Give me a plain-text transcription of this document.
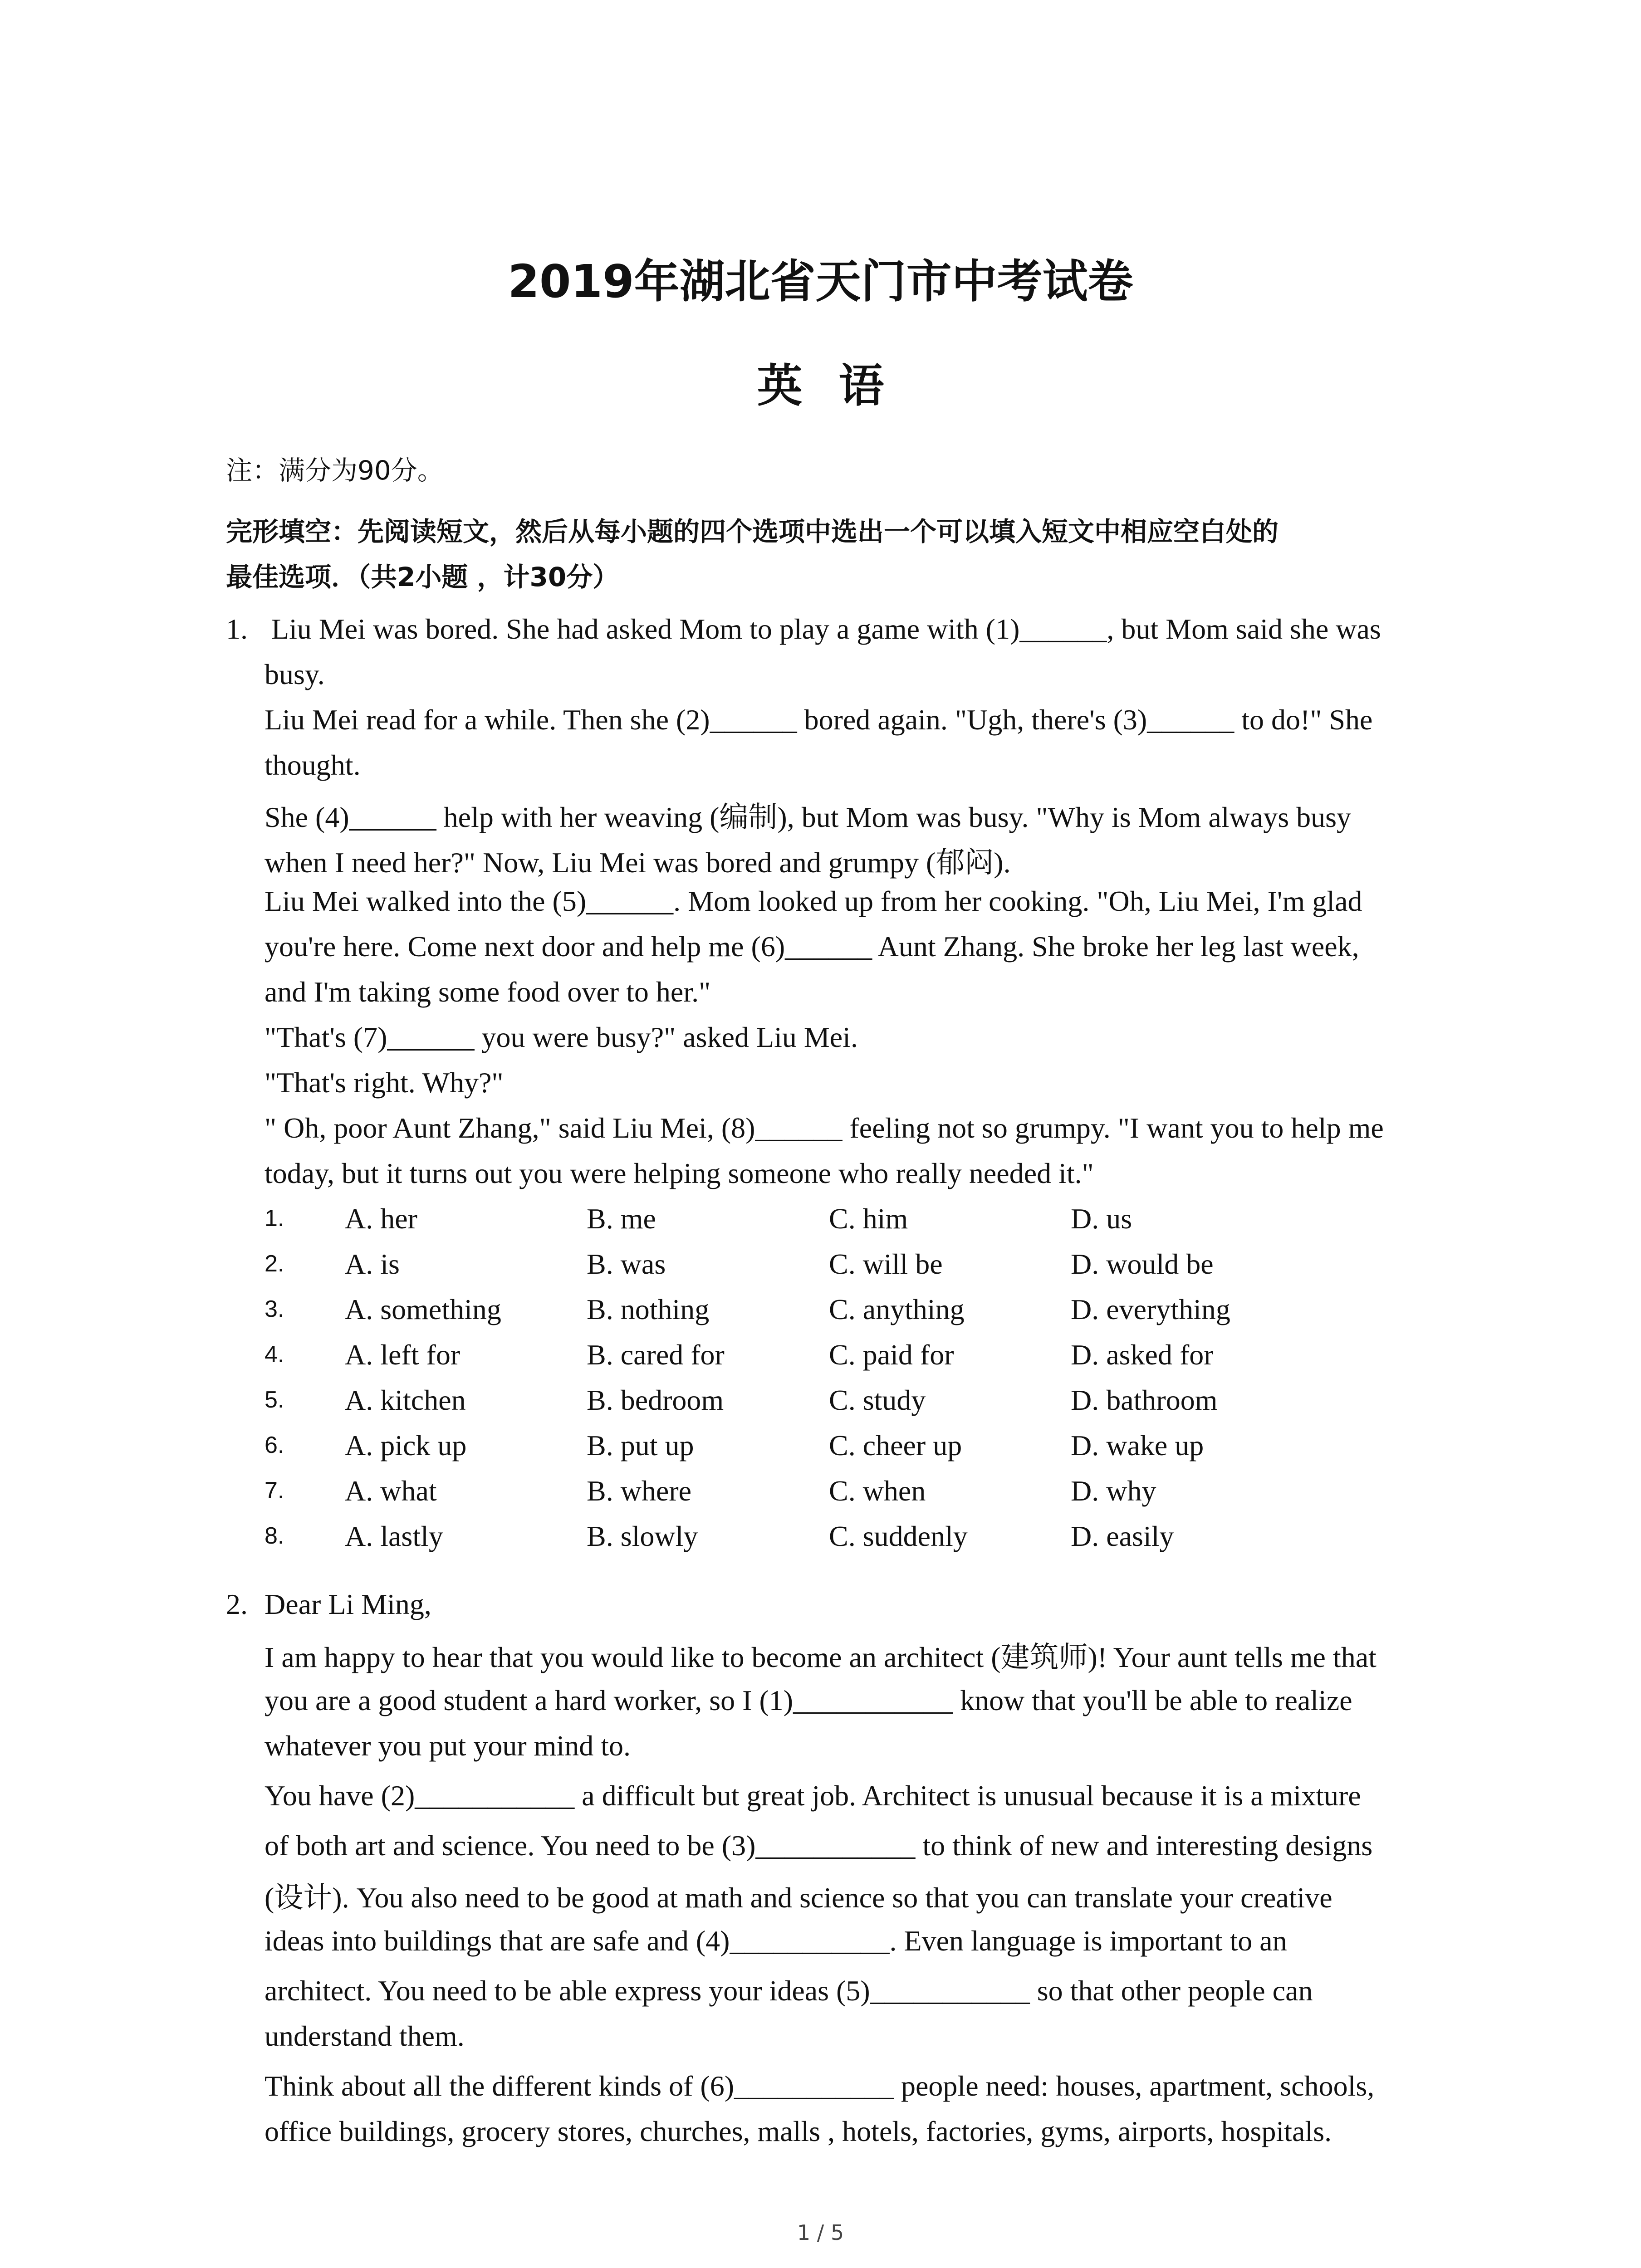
2019年湖北省天门市中考试卷
英语
注：满分为90分。
完形填空：先阅读短文，然后从每小题的四个选项中选出一个可以填入短文中相应空白处的
最佳选项．（共2小题 ，计30分）
1. Liu Mei was bored. She had asked Mom to play a game with (1)______, but Mom said she was
busy.
Liu Mei read for a while. Then she (2)______ bored again. "Ugh, there's (3)______ to do!" She
thought.
She (4)______ help with her weaving (编制), but Mom was busy. "Why is Mom always busy
when I need her?" Now, Liu Mei was bored and grumpy (郁闷).
Liu Mei walked into the (5)______. Mom looked up from her cooking. "Oh, Liu Mei, I'm glad
you're here. Come next door and help me (6)______ Aunt Zhang. She broke her leg last week,
and I'm taking some food over to her."
"That's (7)______ you were busy?" asked Liu Mei.
"That's right. Why?"
" Oh, poor Aunt Zhang," said Liu Mei, (8)______ feeling not so grumpy. "I want you to help me
today, but it turns out you were helping someone who really needed it."
1. A. her	B. me	C. him	D. us
2. A. is	B. was	C. will be	D. would be
3. A. something	B. nothing	C. anything	D. everything
4. A. left for	B. cared for	C. paid for	D. asked for
5. A. kitchen	B. bedroom	C. study	D. bathroom
6. A. pick up	B. put up	C. cheer up	D. wake up
7. A. what	B. where	C. when	D. why
8. A. lastly	B. slowly	C. suddenly	D. easily
2. Dear Li Ming,
I am happy to hear that you would like to become an architect (建筑师)! Your aunt tells me that
you are a good student a hard worker, so I (1)___________ know that you'll be able to realize
whatever you put your mind to.
You have (2)___________ a difficult but great job. Architect is unusual because it is a mixture
of both art and science. You need to be (3)___________ to think of new and interesting designs
(设计). You also need to be good at math and science so that you can translate your creative
ideas into buildings that are safe and (4)___________. Even language is important to an
architect. You need to be able express your ideas (5)___________ so that other people can
understand them.
Think about all the different kinds of (6)___________ people need: houses, apartment, schools,
office buildings, grocery stores, churches, malls , hotels, factories, gyms, airports, hospitals.
1 / 5
